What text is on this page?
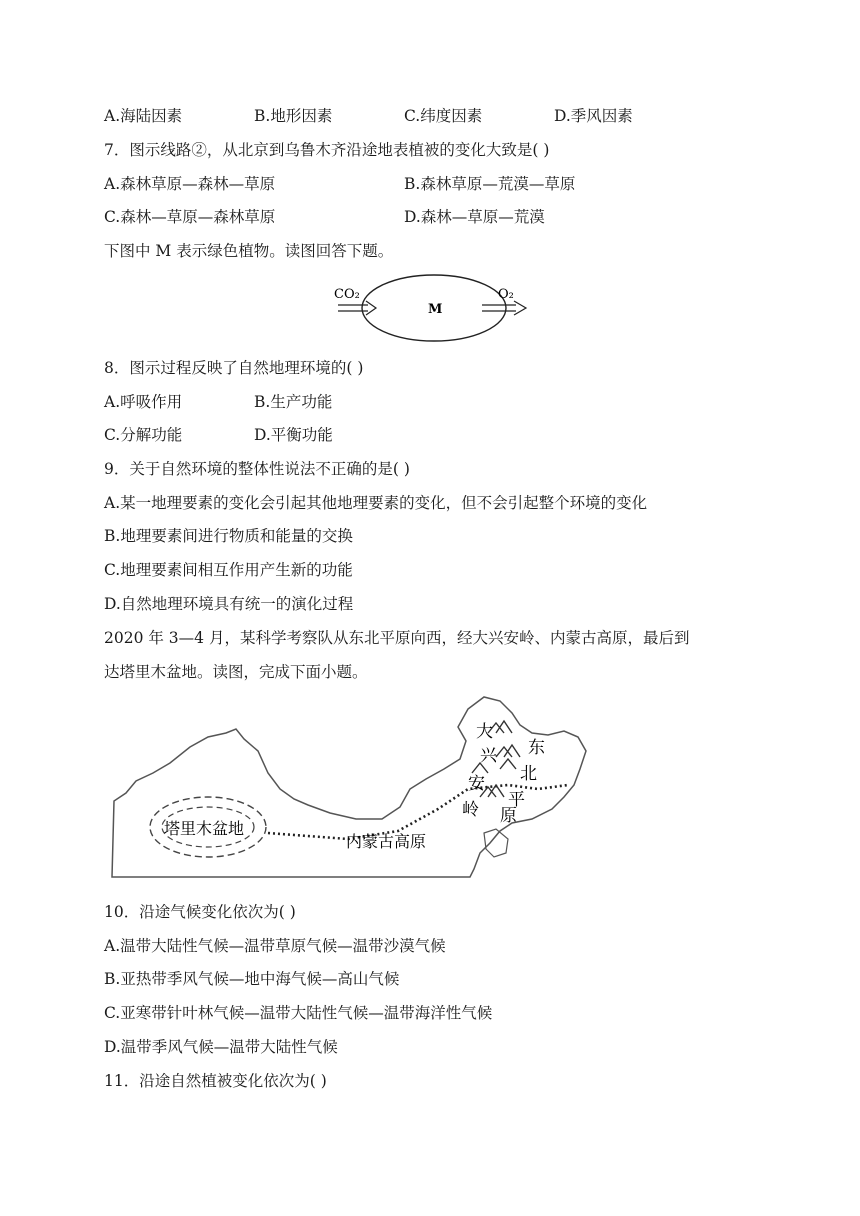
A.海陆因素	B.地形因素	C.纬度因素	D.季风因素
7．图示线路②，从北京到乌鲁木齐沿途地表植被的变化大致是( )
A.森林草原—森林—草原	B.森林草原—荒漠—草原
C.森林—草原—森林草原	D.森林—草原—荒漠
下图中 M 表示绿色植物。读图回答下题。
CO₂
M
O₂
8．图示过程反映了自然地理环境的( )
A.呼吸作用	B.生产功能
C.分解功能	D.平衡功能
9．关于自然环境的整体性说法不正确的是( )
A.某一地理要素的变化会引起其他地理要素的变化，但不会引起整个环境的变化
B.地理要素间进行物质和能量的交换
C.地理要素间相互作用产生新的功能
D.自然地理环境具有统一的演化过程
2020 年 3—4 月，某科学考察队从东北平原向西，经大兴安岭、内蒙古高原，最后到
达塔里木盆地。读图，完成下面小题。
塔里木盆地
内蒙古高原
大
兴
安
岭
东
北
平
原
10．沿途气候变化依次为( )
A.温带大陆性气候—温带草原气候—温带沙漠气候
B.亚热带季风气候—地中海气候—高山气候
C.亚寒带针叶林气候—温带大陆性气候—温带海洋性气候
D.温带季风气候—温带大陆性气候
11．沿途自然植被变化依次为( )
